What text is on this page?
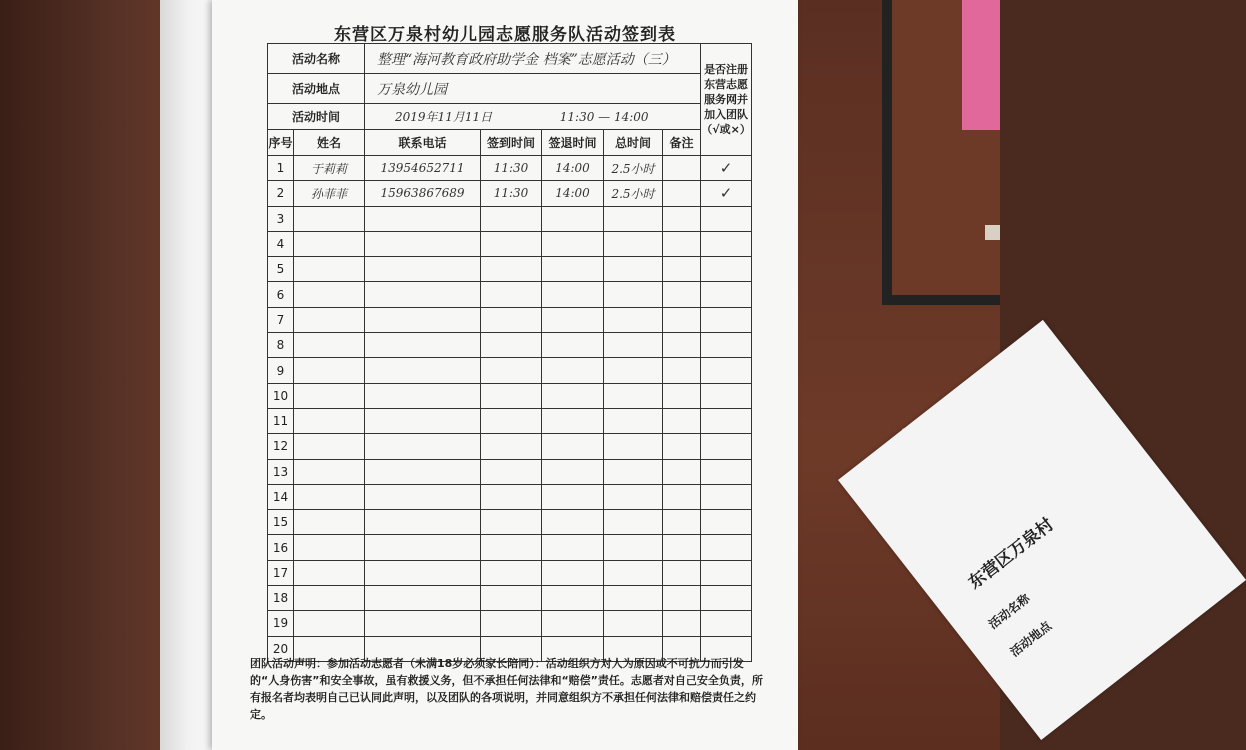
东营区万泉村
活动名称
活动地点
东营区万泉村幼儿园志愿服务队活动签到表
活动名称		整理“海河教育政府助学金 档案”志愿活动（三）					是否注册东营志愿服务网并加入团队（√或×）
活动地点		万泉幼儿园					
活动时间		2019年11月11日 11:30 — 14:00					
序号	姓名	联系电话	签到时间	签退时间	总时间	备注	
1	于莉莉	13954652711	11:30	14:00	2.5小时		✓
2	孙菲菲	15963867689	11:30	14:00	2.5小时		✓
3							
4							
5							
6							
7							
8							
9							
10							
11							
12							
13							
14							
15							
16							
17							
18							
19							
20							
团队活动声明：参加活动志愿者（未满18岁必须家长陪同）：活动组织方对人为原因或不可抗力而引发的“人身伤害”和安全事故，虽有救援义务，但不承担任何法律和“赔偿”责任。志愿者对自己安全负责，所有报名者均表明自己已认同此声明，以及团队的各项说明，并同意组织方不承担任何法律和赔偿责任之约定。
